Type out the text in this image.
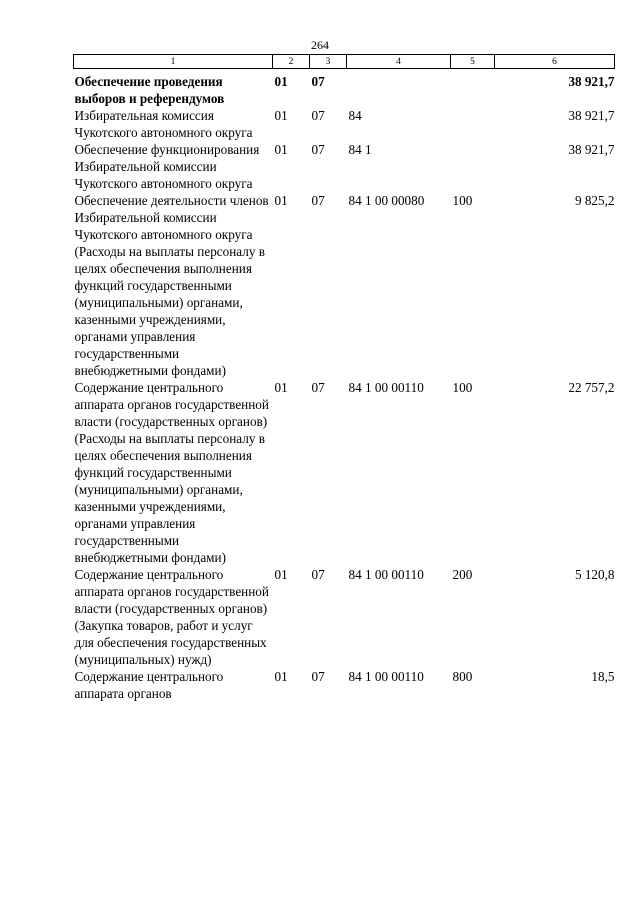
264
1	2	3	4	5	6
Обеспечение проведения выборов и референдумов	01	07			38 921,7
Избирательная комиссия Чукотского автономного округа	01	07	84		38 921,7
Обеспечение функционирования Избирательной комиссии Чукотского автономного округа	01	07	84 1		38 921,7
Обеспечение деятельности членов Избирательной комиссии Чукотского автономного округа (Расходы на выплаты персоналу в целях обеспечения выполнения функций государственными (муниципальными) органами, казенными учреждениями, органами управления государственными внебюджетными фондами)	01	07	84 1 00 00080	100	9 825,2
Содержание центрального аппарата органов государственной власти (государственных органов) (Расходы на выплаты персоналу в целях обеспечения выполнения функций государственными (муниципальными) органами, казенными учреждениями, органами управления государственными внебюджетными фондами)	01	07	84 1 00 00110	100	22 757,2
Содержание центрального аппарата органов государственной власти (государственных органов) (Закупка товаров, работ и услуг для обеспечения государственных (муниципальных) нужд)	01	07	84 1 00 00110	200	5 120,8
Содержание центрального аппарата органов	01	07	84 1 00 00110	800	18,5
